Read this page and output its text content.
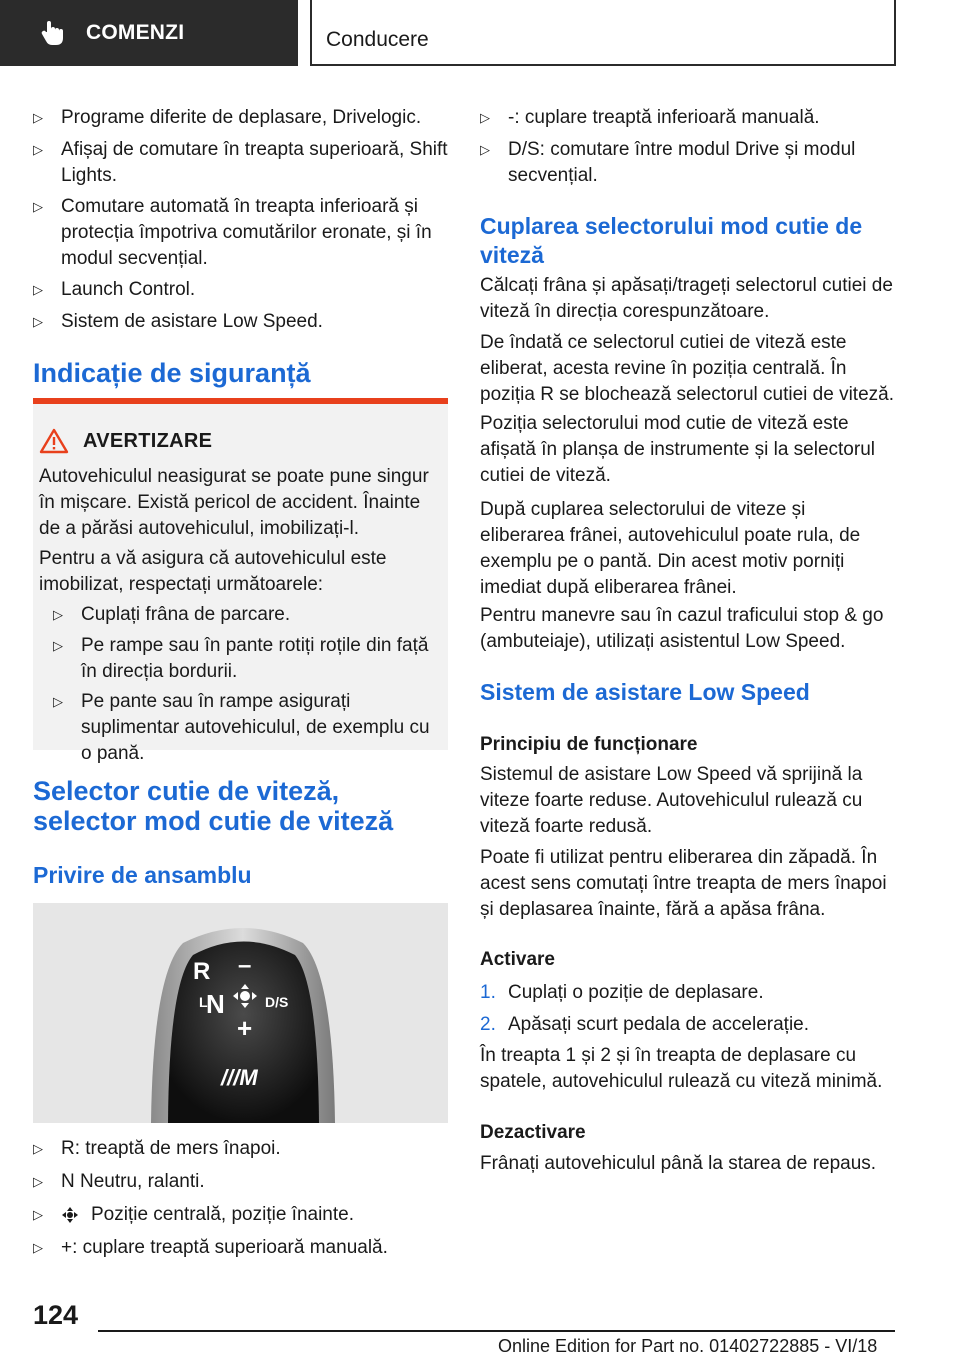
COMENZI	Conducere
▷ Programe diferite de deplasare, Drivelogic.
▷ Afișaj de comutare în treapta superioară, Shift Lights.
▷ Comutare automată în treapta inferioară și protecția împotriva comutărilor eronate, și în modul secvențial.
▷ Launch Control.
▷ Sistem de asistare Low Speed.
Indicație de siguranță
AVERTIZARE
Autovehiculul neasigurat se poate pune singur în mișcare. Există pericol de accident. Înainte de a părăsi autovehiculul, imobilizați-l.
Pentru a vă asigura că autovehiculul este imobilizat, respectați următoarele:
▷ Cuplați frâna de parcare.
▷ Pe rampe sau în pante rotiți roțile din față în direcția bordurii.
▷ Pe pante sau în rampe asigurați suplimentar autovehiculul, de exemplu cu o pană.
Selector cutie de viteză, selector mod cutie de viteză
Privire de ansamblu
R –
L
N	D/S
+
///M
▷ R: treaptă de mers înapoi.
▷ N Neutru, ralanti.
▷ Poziție centrală, poziție înainte.
▷ +: cuplare treaptă superioară manuală.
▷ -: cuplare treaptă inferioară manuală.
▷ D/S: comutare între modul Drive și modul secvențial.
Cuplarea selectorului mod cutie de viteză
Călcați frâna și apăsați/trageți selectorul cutiei de viteză în direcția corespunzătoare.
De îndată ce selectorul cutiei de viteză este eliberat, acesta revine în poziția centrală. În poziția R se blochează selectorul cutiei de viteză.
Poziția selectorului mod cutie de viteză este afișată în planșa de instrumente și la selectorul cutiei de viteză.
După cuplarea selectorului de viteze și eliberarea frânei, autovehiculul poate rula, de exemplu pe o pantă. Din acest motiv porniți imediat după eliberarea frânei.
Pentru manevre sau în cazul traficului stop & go (ambuteiaje), utilizați asistentul Low Speed.
Sistem de asistare Low Speed
Principiu de funcționare
Sistemul de asistare Low Speed vă sprijină la viteze foarte reduse. Autovehiculul rulează cu viteză foarte redusă.
Poate fi utilizat pentru eliberarea din zăpadă. În acest sens comutați între treapta de mers înapoi și deplasarea înainte, fără a apăsa frâna.
Activare
1. Cuplați o poziție de deplasare.
2. Apăsați scurt pedala de accelerație.
În treapta 1 și 2 și în treapta de deplasare cu spatele, autovehiculul rulează cu viteză minimă.
Dezactivare
Frânați autovehiculul până la starea de repaus.
124
Online Edition for Part no. 01402722885 - VI/18
